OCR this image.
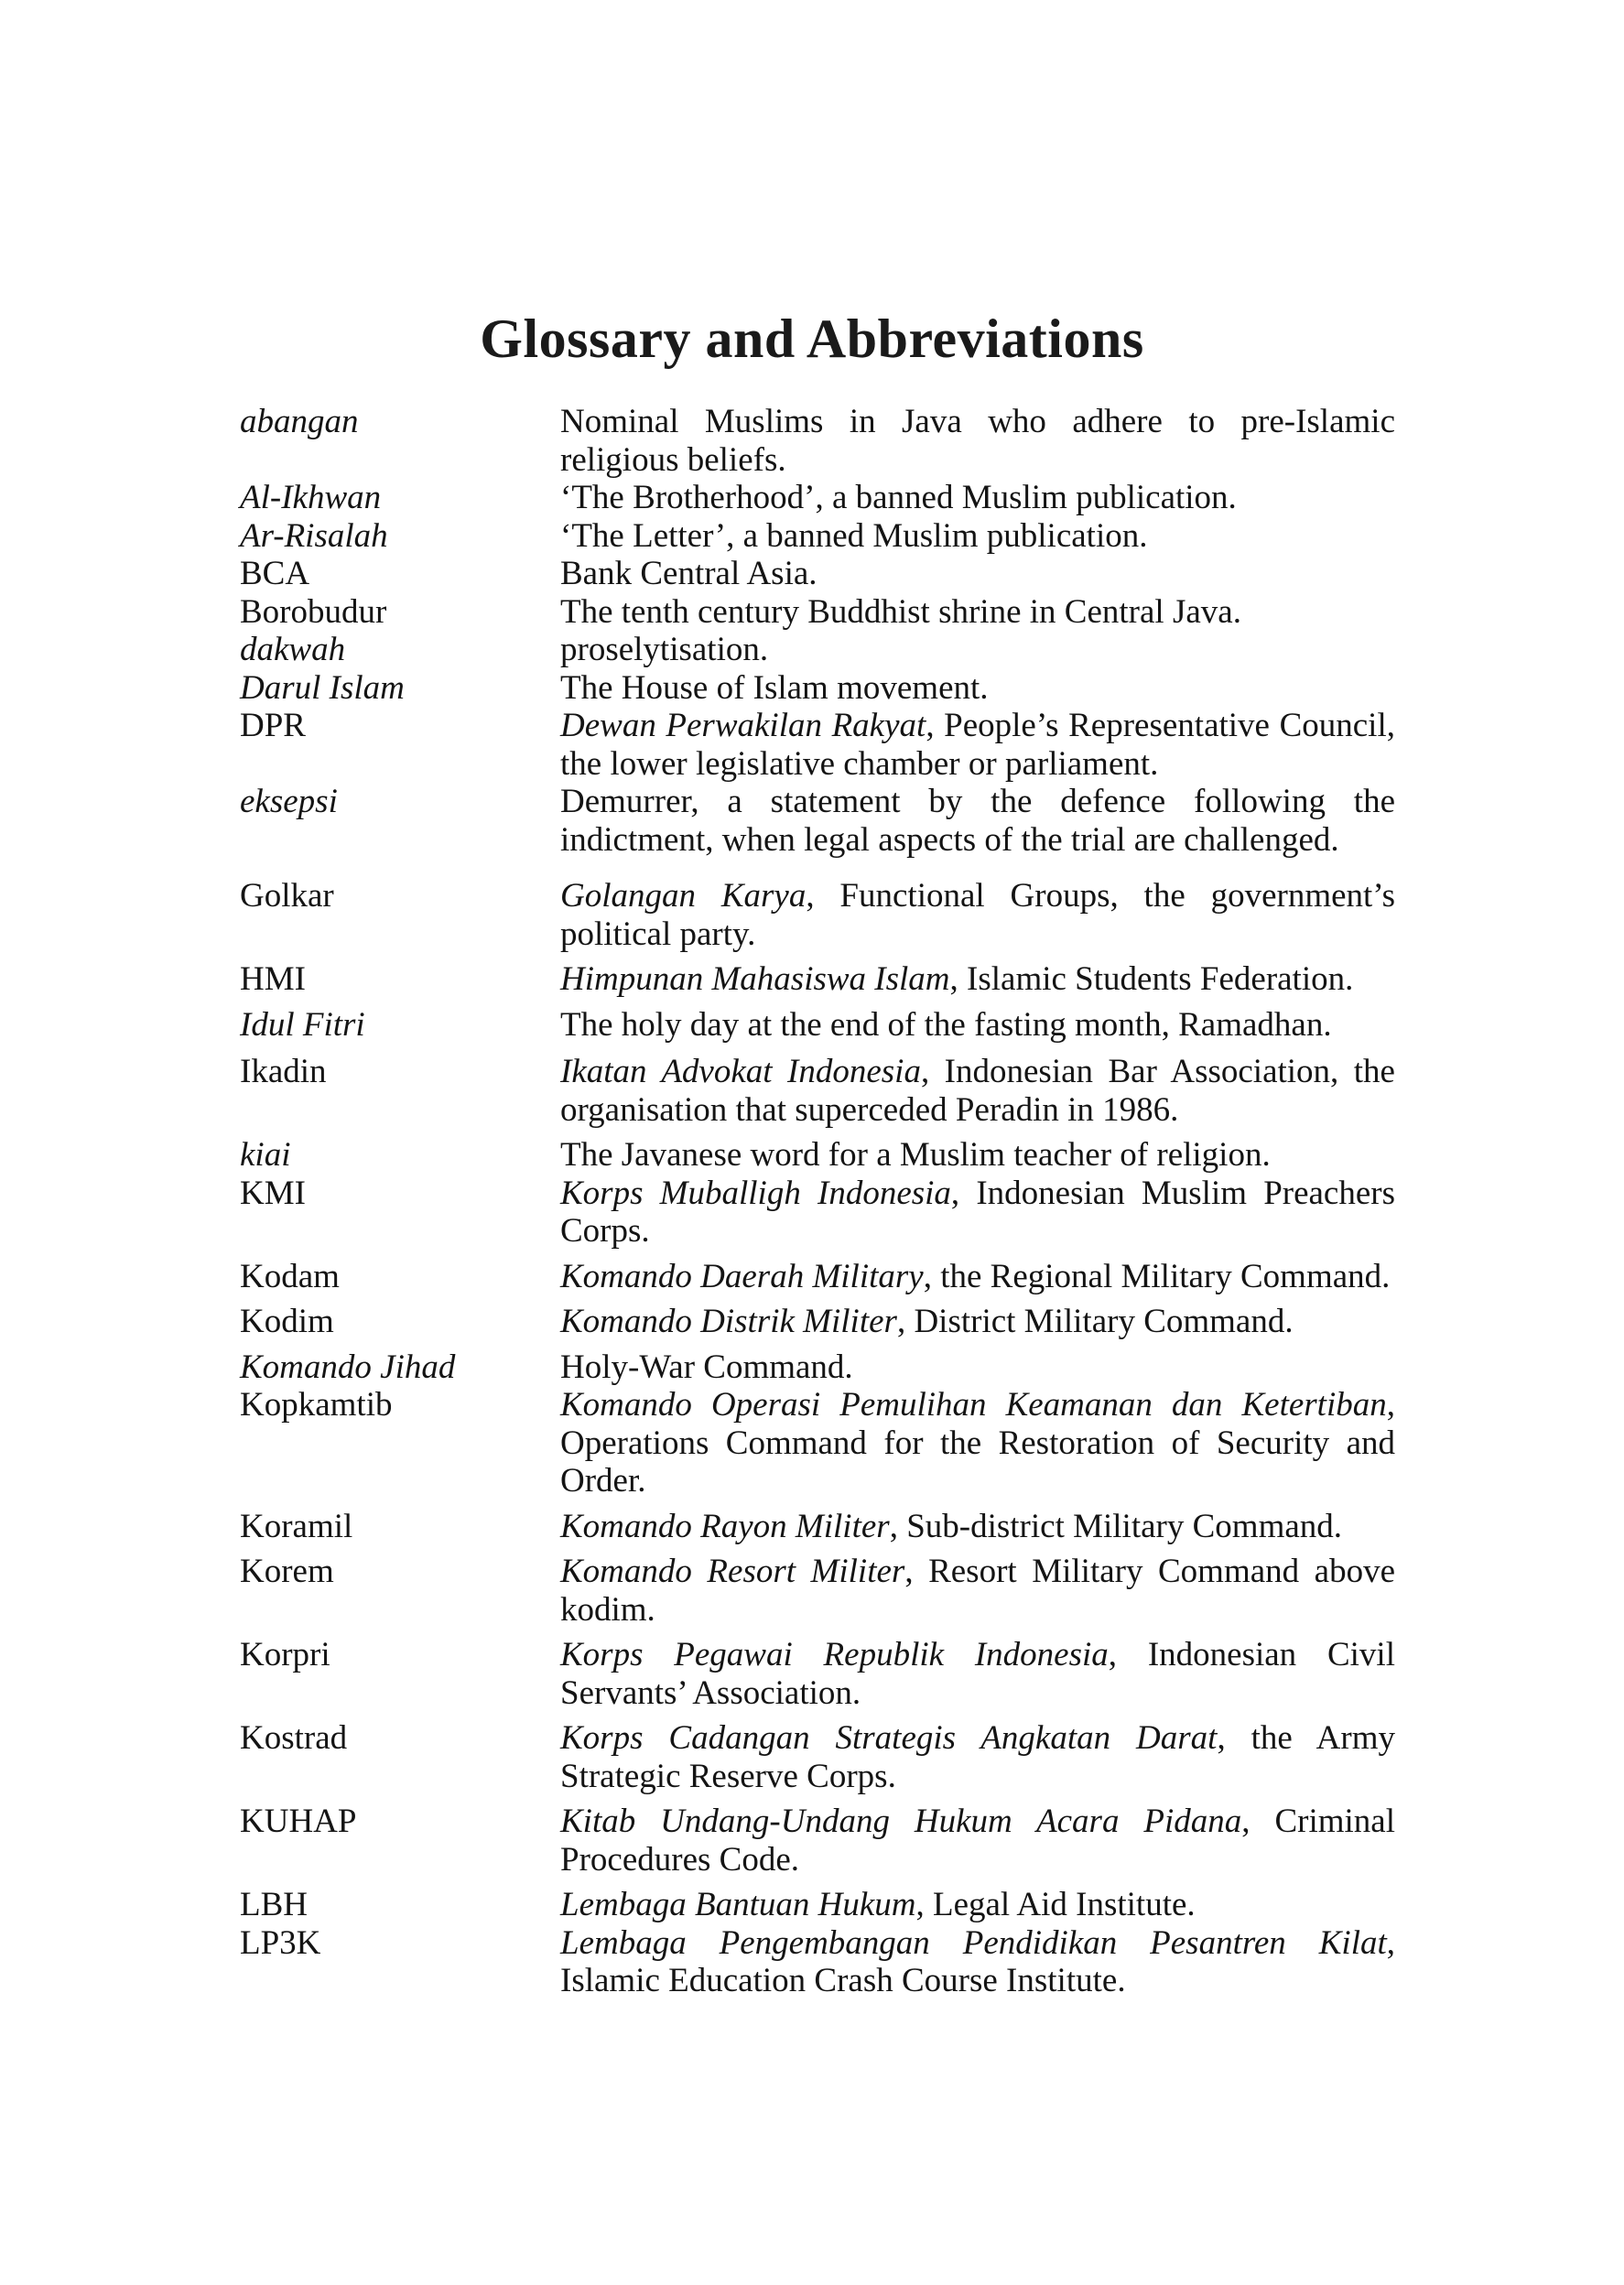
Glossary and Abbreviations
abangan	Nominal Muslims in Java who adhere to pre-Islamic religious beliefs.
Al-Ikhwan	‘The Brotherhood’, a banned Muslim publication.
Ar-Risalah	‘The Letter’, a banned Muslim publication.
BCA	Bank Central Asia.
Borobudur	The tenth century Buddhist shrine in Central Java.
dakwah	proselytisation.
Darul Islam	The House of Islam movement.
DPR	Dewan Perwakilan Rakyat, People’s Representative Council, the lower legislative chamber or parliament.
eksepsi	Demurrer, a statement by the defence following the indictment, when legal aspects of the trial are challenged.
Golkar	Golangan Karya, Functional Groups, the government’s political party.
HMI	Himpunan Mahasiswa Islam, Islamic Students Federation.
Idul Fitri	The holy day at the end of the fasting month, Ramadhan.
Ikadin	Ikatan Advokat Indonesia, Indonesian Bar Association, the organisation that superceded Peradin in 1986.
kiai	The Javanese word for a Muslim teacher of religion.
KMI	Korps Muballigh Indonesia, Indonesian Muslim Preachers Corps.
Kodam	Komando Daerah Military, the Regional Military Command.
Kodim	Komando Distrik Militer, District Military Command.
Komando Jihad	Holy-War Command.
Kopkamtib	Komando Operasi Pemulihan Keamanan dan Ketertiban, Operations Command for the Restoration of Security and Order.
Koramil	Komando Rayon Militer, Sub-district Military Command.
Korem	Komando Resort Militer, Resort Military Command above kodim.
Korpri	Korps Pegawai Republik Indonesia, Indonesian Civil Servants’ Association.
Kostrad	Korps Cadangan Strategis Angkatan Darat, the Army Strategic Reserve Corps.
KUHAP	Kitab Undang-Undang Hukum Acara Pidana, Criminal Procedures Code.
LBH	Lembaga Bantuan Hukum, Legal Aid Institute.
LP3K	Lembaga Pengembangan Pendidikan Pesantren Kilat, Islamic Education Crash Course Institute.
